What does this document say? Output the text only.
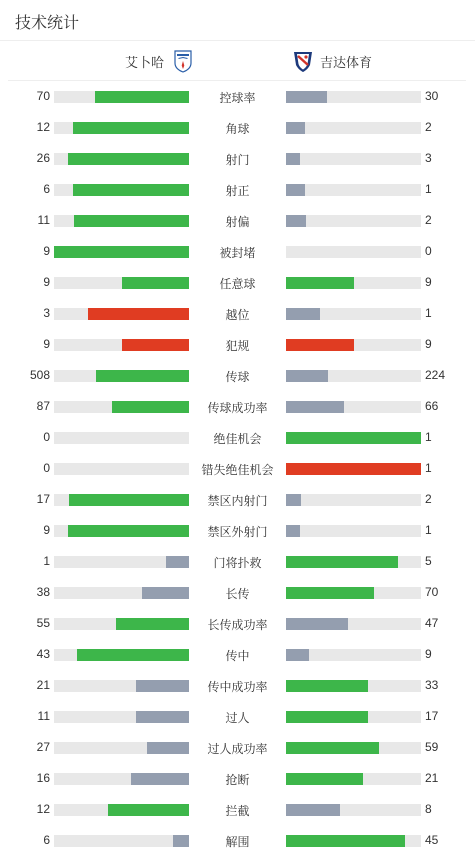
技术统计
艾卜哈	吉达体育
70	控球率	30
12	角球	2
26	射门	3
6	射正	1
11	射偏	2
9	被封堵	0
9	任意球	9
3	越位	1
9	犯规	9
508	传球	224
87	传球成功率	66
0	绝佳机会	1
0	错失绝佳机会	1
17	禁区内射门	2
9	禁区外射门	1
1	门将扑救	5
38	长传	70
55	长传成功率	47
43	传中	9
21	传中成功率	33
11	过人	17
27	过人成功率	59
16	抢断	21
12	拦截	8
6	解围	45
